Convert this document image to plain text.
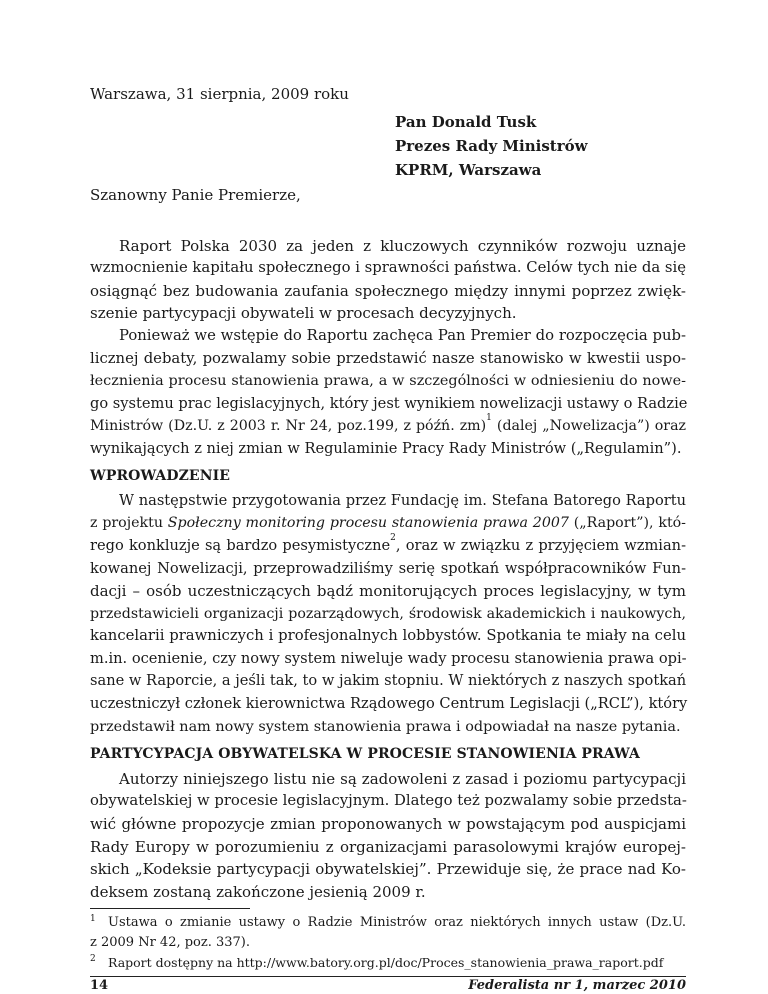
Warszawa, 31 sierpnia, 2009 roku
Pan Donald Tusk
Prezes Rady Ministrów
KPRM, Warszawa
Szanowny Panie Premierze,
Raport Polska 2030 za jeden z kluczowych czynników rozwoju uznaje
wzmocnienie kapitału społecznego i sprawności państwa. Celów tych nie da się
osiągnąć bez budowania zaufania społecznego między innymi poprzez zwięk-
szenie partycypacji obywateli w procesach decyzyjnych.
Ponieważ we wstępie do Raportu zachęca Pan Premier do rozpoczęcia pub-
licznej debaty, pozwalamy sobie przedstawić nasze stanowisko w kwestii uspo-
łecznienia procesu stanowienia prawa, a w szczególności w odniesieniu do nowe-
go systemu prac legislacyjnych, który jest wynikiem nowelizacji ustawy o Radzie
Ministrów (Dz.U. z 2003 r. Nr 24, poz.199, z późń. zm)$^1$ (dalej „Nowelizacja”) oraz
wynikających z niej zmian w Regulaminie Pracy Rady Ministrów („Regulamin”).
WPROWADZENIE
W następstwie przygotowania przez Fundację im. Stefana Batorego Raportu
z projektu Społeczny monitoring procesu stanowienia prawa 2007 („Raport”), któ-
rego konkluzje są bardzo pesymistyczne$^2$, oraz w związku z przyjęciem wzmian-
kowanej Nowelizacji, przeprowadziliśmy serię spotkań współpracowników Fun-
dacji – osób uczestniczących bądź monitorujących proces legislacyjny, w tym
przedstawicieli organizacji pozarządowych, środowisk akademickich i naukowych,
kancelarii prawniczych i profesjonalnych lobbystów. Spotkania te miały na celu
m.in. ocenienie, czy nowy system niweluje wady procesu stanowienia prawa opi-
sane w Raporcie, a jeśli tak, to w jakim stopniu. W niektórych z naszych spotkań
uczestniczył członek kierownictwa Rządowego Centrum Legislacji („RCL”), który
przedstawił nam nowy system stanowienia prawa i odpowiadał na nasze pytania.
PARTYCYPACJA OBYWATELSKA W PROCESIE STANOWIENIA PRAWA
Autorzy niniejszego listu nie są zadowoleni z zasad i poziomu partycypacji
obywatelskiej w procesie legislacyjnym. Dlatego też pozwalamy sobie przedsta-
wić główne propozycje zmian proponowanych w powstającym pod auspicjami
Rady Europy w porozumieniu z organizacjami parasolowymi krajów europej-
skich „Kodeksie partycypacji obywatelskiej”. Przewiduje się, że prace nad Ko-
deksem zostaną zakończone jesienią 2009 r.
1 Ustawa o zmianie ustawy o Radzie Ministrów oraz niektórych innych ustaw (Dz.U.
z 2009 Nr 42, poz. 337).
2 Raport dostępny na http://www.batory.org.pl/doc/Proces_stanowienia_prawa_raport.pdf
14	Federalista nr 1, marzec 2010
